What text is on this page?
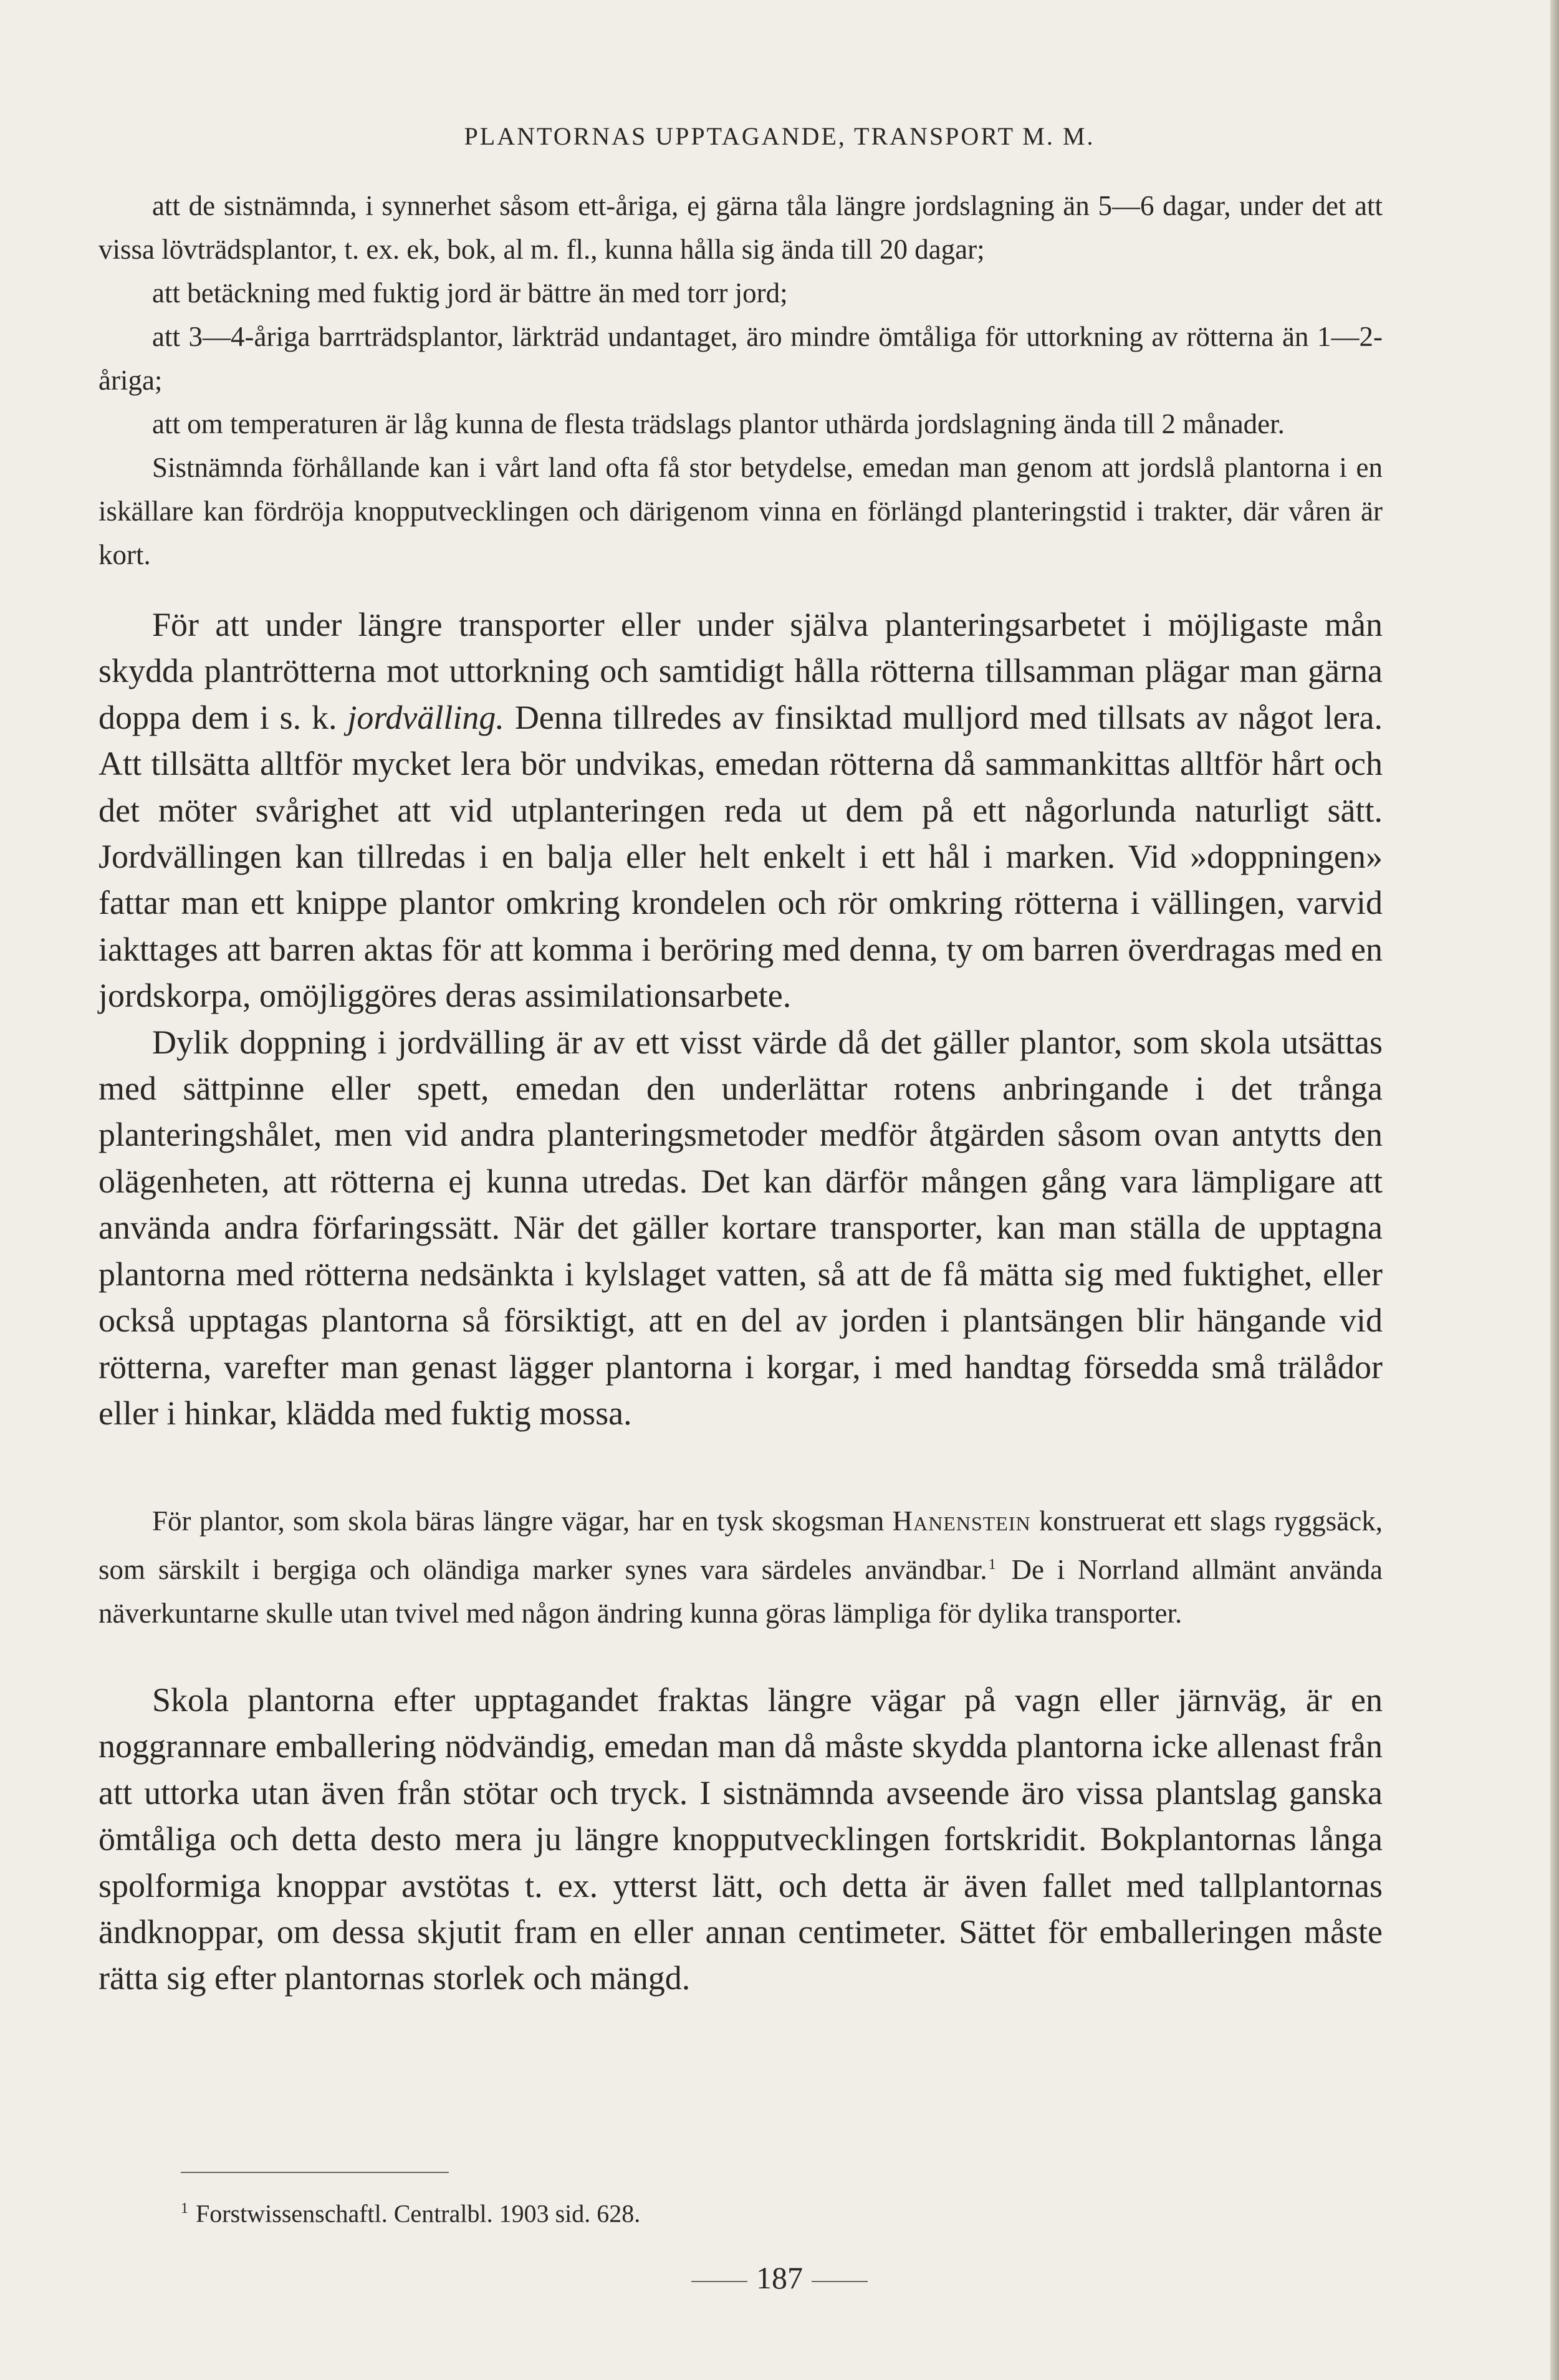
PLANTORNAS UPPTAGANDE, TRANSPORT M. M.

att de sistnämnda, i synnerhet såsom ett-åriga, ej gärna tåla längre jordslagning än 5—6 dagar, under det att vissa lövträdsplantor, t. ex. ek, bok, al m. fl., kunna hålla sig ända till 20 dagar;

att betäckning med fuktig jord är bättre än med torr jord;

att 3—4-åriga barrträdsplantor, lärkträd undantaget, äro mindre ömtåliga för uttorkning av rötterna än 1—2-åriga;

att om temperaturen är låg kunna de flesta trädslags plantor uthärda jordslagning ända till 2 månader.

Sistnämnda förhållande kan i vårt land ofta få stor betydelse, emedan man genom att jordslå plantorna i en iskällare kan fördröja knopputvecklingen och därigenom vinna en förlängd planteringstid i trakter, där våren är kort.

För att under längre transporter eller under själva planteringsarbetet i möjligaste mån skydda plantrötterna mot uttorkning och samtidigt hålla rötterna tillsamman plägar man gärna doppa dem i s. k. jordvälling. Denna tillredes av finsiktad mulljord med tillsats av något lera. Att tillsätta alltför mycket lera bör undvikas, emedan rötterna då sammankittas alltför hårt och det möter svårighet att vid utplanteringen reda ut dem på ett någorlunda naturligt sätt. Jordvällingen kan tillredas i en balja eller helt enkelt i ett hål i marken. Vid »doppningen» fattar man ett knippe plantor omkring krondelen och rör omkring rötterna i vällingen, varvid iakttages att barren aktas för att komma i beröring med denna, ty om barren överdragas med en jordskorpa, omöjliggöres deras assimilationsarbete.

Dylik doppning i jordvälling är av ett visst värde då det gäller plantor, som skola utsättas med sättpinne eller spett, emedan den underlättar rotens anbringande i det trånga planteringshålet, men vid andra planteringsmetoder medför åtgärden såsom ovan antytts den olägenheten, att rötterna ej kunna utredas. Det kan därför mången gång vara lämpligare att använda andra förfaringssätt. När det gäller kortare transporter, kan man ställa de upptagna plantorna med rötterna nedsänkta i kylslaget vatten, så att de få mätta sig med fuktighet, eller också upptagas plantorna så försiktigt, att en del av jorden i plantsängen blir hängande vid rötterna, varefter man genast lägger plantorna i korgar, i med handtag försedda små trälådor eller i hinkar, klädda med fuktig mossa.

För plantor, som skola bäras längre vägar, har en tysk skogsman Hanenstein konstruerat ett slags ryggsäck, som särskilt i bergiga och oländiga marker synes vara särdeles användbar.$^1$ De i Norrland allmänt använda näverkuntarne skulle utan tvivel med någon ändring kunna göras lämpliga för dylika transporter.

Skola plantorna efter upptagandet fraktas längre vägar på vagn eller järnväg, är en noggrannare emballering nödvändig, emedan man då måste skydda plantorna icke allenast från att uttorka utan även från stötar och tryck. I sistnämnda avseende äro vissa plantslag ganska ömtåliga och detta desto mera ju längre knopputvecklingen fortskridit. Bokplantornas långa spolformiga knoppar avstötas t. ex. ytterst lätt, och detta är även fallet med tallplantornas ändknoppar, om dessa skjutit fram en eller annan centimeter. Sättet för emballeringen måste rätta sig efter plantornas storlek och mängd.

$^1$ Forstwissenschaftl. Centralbl. 1903 sid. 628.
187
